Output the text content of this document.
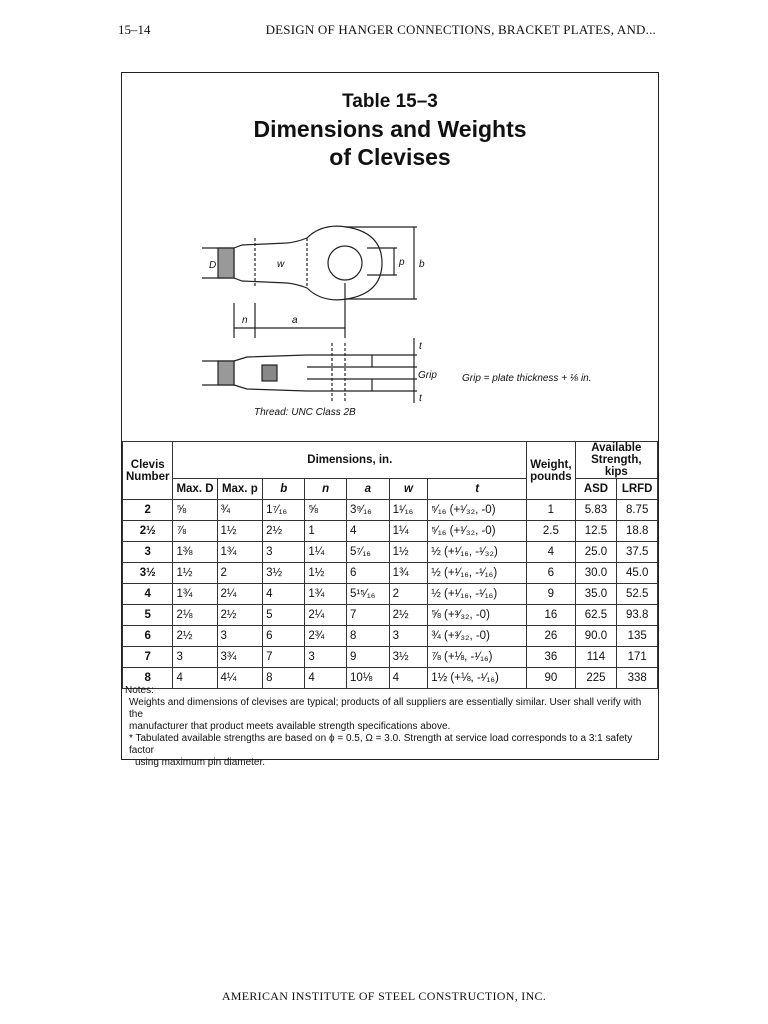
15–14	DESIGN OF HANGER CONNECTIONS, BRACKET PLATES, AND...
Table 15–3
Dimensions and Weights
of Clevises
D	w	p b
n	a
t
Grip
t
Thread: UNC Class 2B
Grip = plate thickness + ⅛ in.
Clevis Number	Dimensions, in.							Weight, pounds	Available Strength, kips	
	Max. D	Max. p	b	n	a	w	t		ASD	LRFD
2	⅝	¾	1⁷⁄₁₆	⅝	3⁹⁄₁₆	1¹⁄₁₆	⁵⁄₁₆ (+¹⁄₃₂, -0)	1	5.83	8.75
2½	⅞	1½	2½	1	4	1¼	⁵⁄₁₆ (+¹⁄₃₂, -0)	2.5	12.5	18.8
3	1⅜	1¾	3	1¼	5⁷⁄₁₆	1½	½ (+¹⁄₁₆, -¹⁄₃₂)	4	25.0	37.5
3½	1½	2	3½	1½	6	1¾	½ (+¹⁄₁₆, -¹⁄₁₆)	6	30.0	45.0
4	1¾	2¼	4	1¾	5¹⁵⁄₁₆	2	½ (+¹⁄₁₆, -¹⁄₁₆)	9	35.0	52.5
5	2⅛	2½	5	2¼	7	2½	⅝ (+³⁄₃₂, -0)	16	62.5	93.8
6	2½	3	6	2¾	8	3	¾ (+³⁄₃₂, -0)	26	90.0	135
7	3	3¾	7	3	9	3½	⅞ (+⅛, -¹⁄₁₆)	36	114	171
8	4	4¼	8	4	10⅛	4	1½ (+⅛, -¹⁄₁₆)	90	225	338

Notes:

Weights and dimensions of clevises are typical; products of all suppliers are essentially similar. User shall verify with the

manufacturer that product meets available strength specifications above.

* Tabulated available strengths are based on ϕ = 0.5, Ω = 3.0. Strength at service load corresponds to a 3:1 safety factor

using maximum pin diameter.

AMERICAN INSTITUTE OF STEEL CONSTRUCTION, INC.
